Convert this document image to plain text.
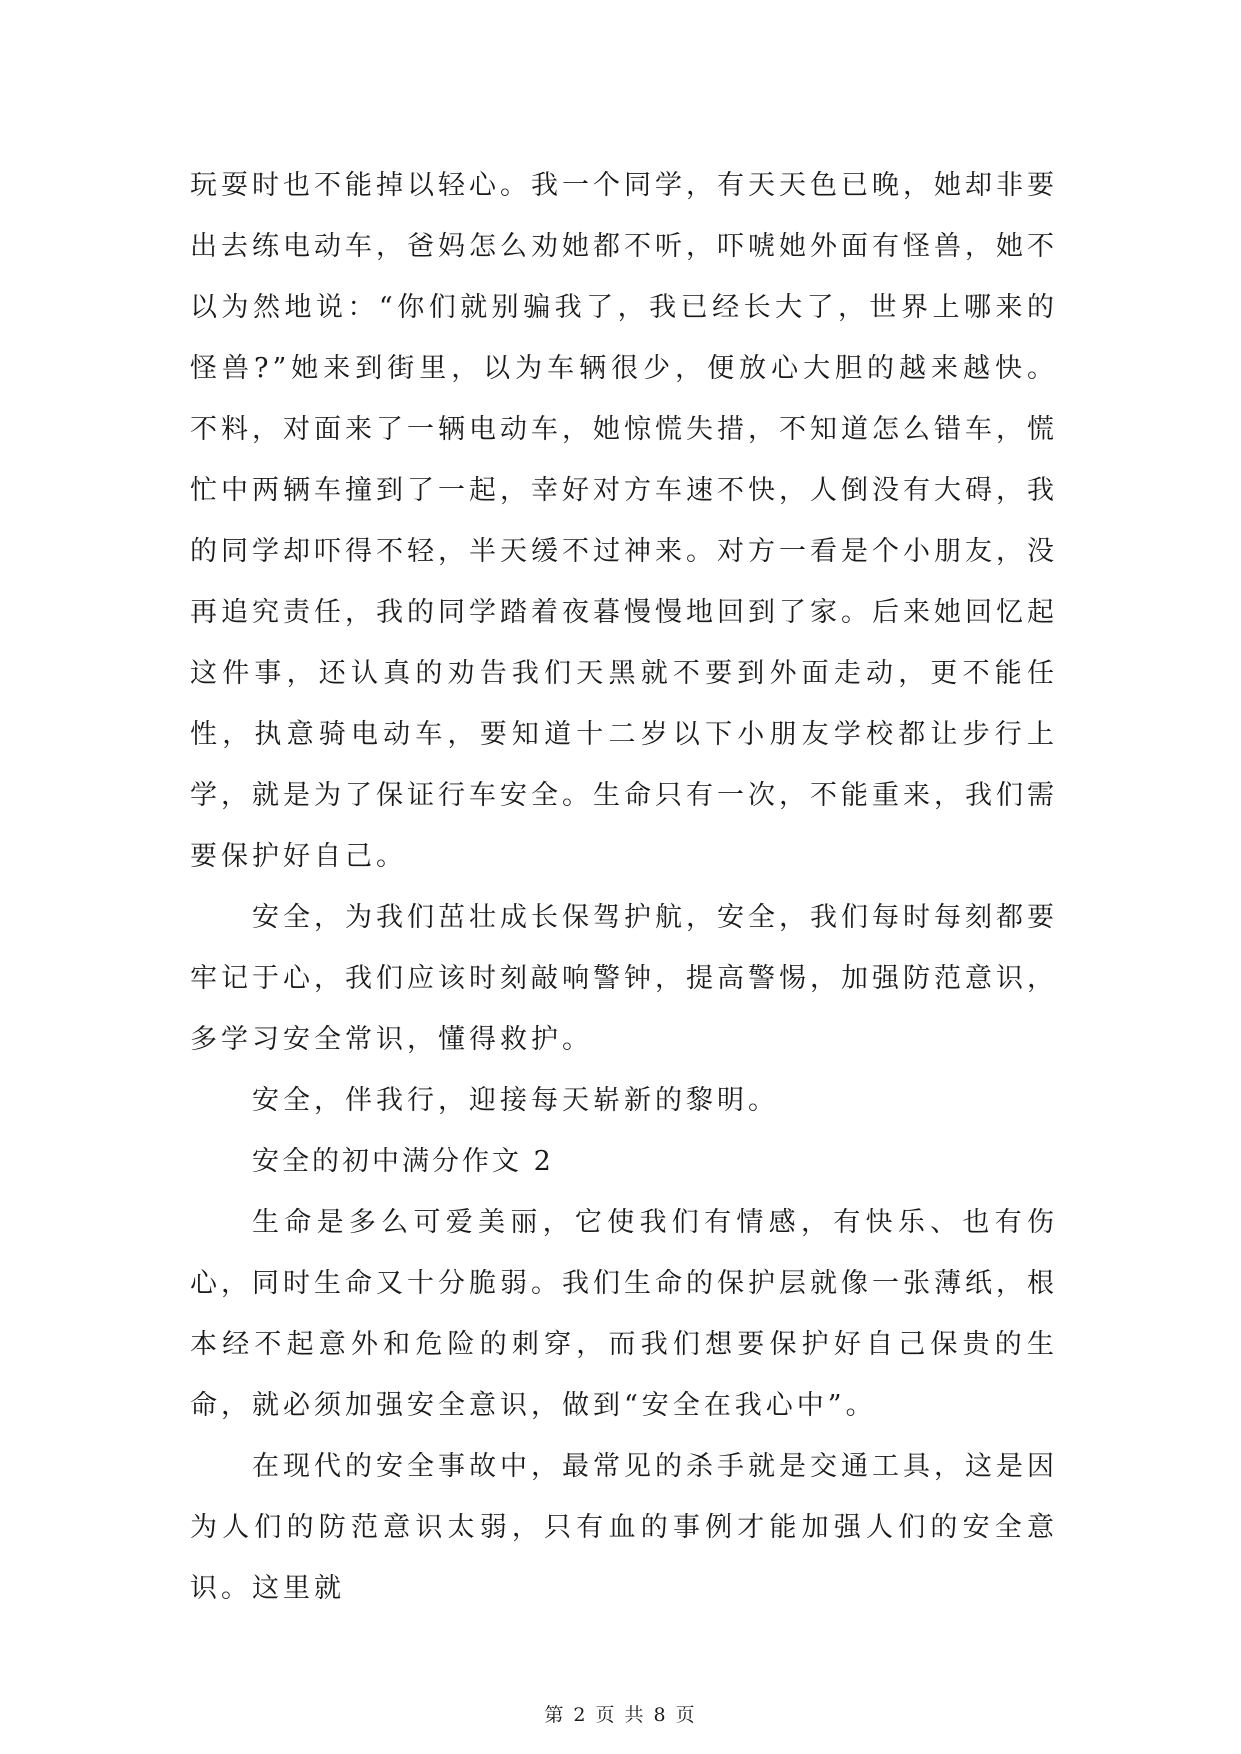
玩耍时也不能掉以轻心。我一个同学，有天天色已晚，她却非要出去练电动车，爸妈怎么劝她都不听，吓唬她外面有怪兽，她不以为然地说：“你们就别骗我了，我已经长大了，世界上哪来的怪兽?”她来到街里，以为车辆很少，便放心大胆的越来越快。不料，对面来了一辆电动车，她惊慌失措，不知道怎么错车，慌忙中两辆车撞到了一起，幸好对方车速不快，人倒没有大碍，我的同学却吓得不轻，半天缓不过神来。对方一看是个小朋友，没再追究责任，我的同学踏着夜暮慢慢地回到了家。后来她回忆起这件事，还认真的劝告我们天黑就不要到外面走动，更不能任性，执意骑电动车，要知道十二岁以下小朋友学校都让步行上学，就是为了保证行车安全。生命只有一次，不能重来，我们需要保护好自己。

安全，为我们茁壮成长保驾护航，安全，我们每时每刻都要牢记于心，我们应该时刻敲响警钟，提高警惕，加强防范意识，多学习安全常识，懂得救护。

安全，伴我行，迎接每天崭新的黎明。

安全的初中满分作文 2

生命是多么可爱美丽，它使我们有情感，有快乐、也有伤心，同时生命又十分脆弱。我们生命的保护层就像一张薄纸，根本经不起意外和危险的刺穿，而我们想要保护好自己保贵的生命，就必须加强安全意识，做到“安全在我心中”。

在现代的安全事故中，最常见的杀手就是交通工具，这是因为人们的防范意识太弱，只有血的事例才能加强人们的安全意识。这里就

第 2 页 共 8 页
